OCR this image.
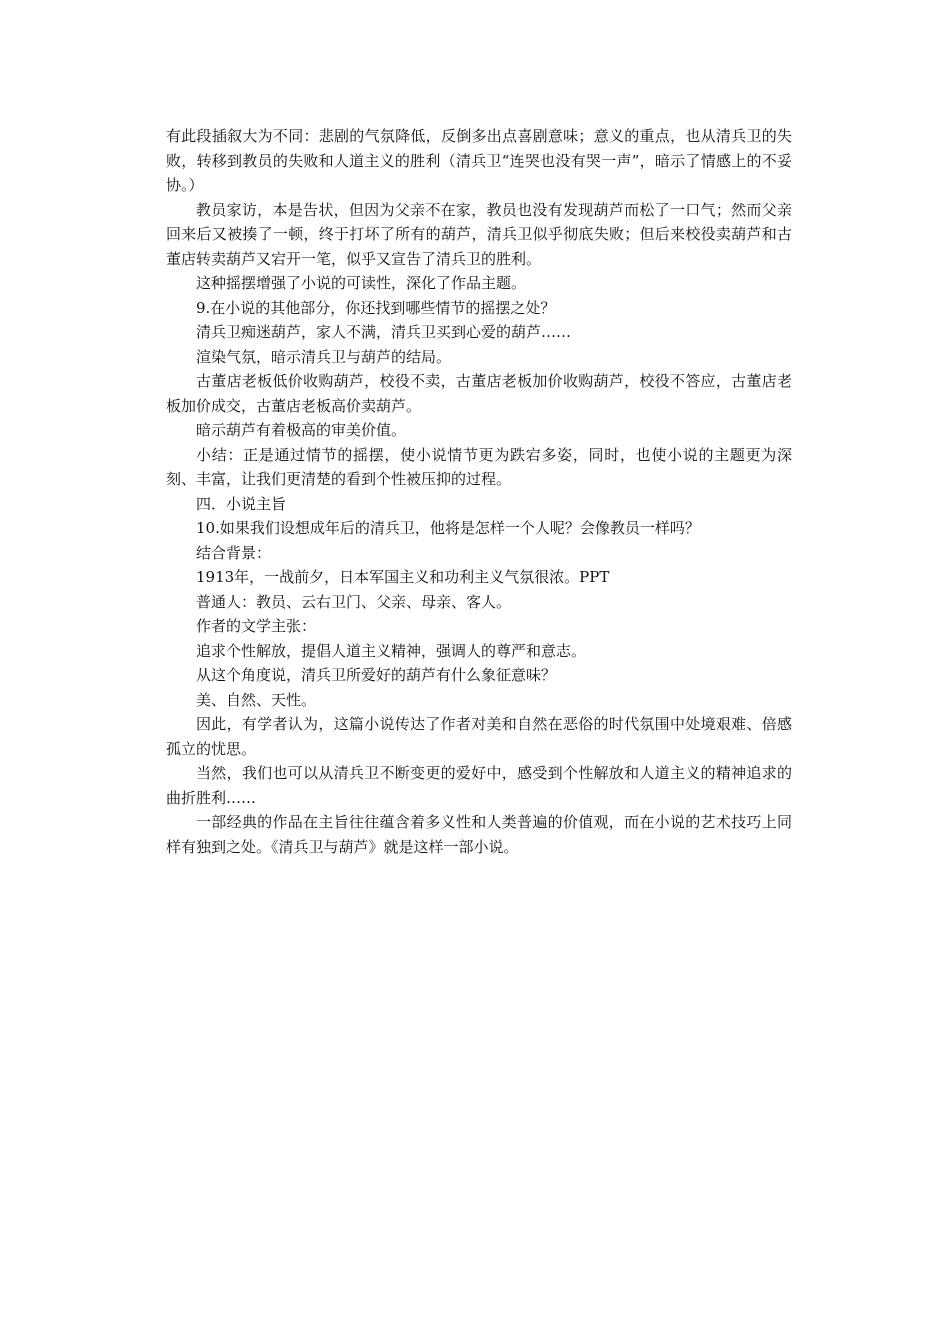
有此段插叙大为不同：悲剧的气氛降低，反倒多出点喜剧意味；意义的重点，也从清兵卫的失败，转移到教员的失败和人道主义的胜利（清兵卫“连哭也没有哭一声”，暗示了情感上的不妥协。）

教员家访，本是告状，但因为父亲不在家，教员也没有发现葫芦而松了一口气；然而父亲回来后又被揍了一顿，终于打坏了所有的葫芦，清兵卫似乎彻底失败；但后来校役卖葫芦和古董店转卖葫芦又宕开一笔，似乎又宣告了清兵卫的胜利。

这种摇摆增强了小说的可读性，深化了作品主题。

9.在小说的其他部分，你还找到哪些情节的摇摆之处？

清兵卫痴迷葫芦，家人不满，清兵卫买到心爱的葫芦……

渲染气氛，暗示清兵卫与葫芦的结局。

古董店老板低价收购葫芦，校役不卖，古董店老板加价收购葫芦，校役不答应，古董店老板加价成交，古董店老板高价卖葫芦。

暗示葫芦有着极高的审美价值。

小结：正是通过情节的摇摆，使小说情节更为跌宕多姿，同时，也使小说的主题更为深刻、丰富，让我们更清楚的看到个性被压抑的过程。

四．小说主旨

10.如果我们设想成年后的清兵卫，他将是怎样一个人呢？会像教员一样吗？

结合背景：

1913年，一战前夕，日本军国主义和功利主义气氛很浓。PPT

普通人：教员、云右卫门、父亲、母亲、客人。

作者的文学主张：

追求个性解放，提倡人道主义精神，强调人的尊严和意志。

从这个角度说，清兵卫所爱好的葫芦有什么象征意味？

美、自然、天性。

因此，有学者认为，这篇小说传达了作者对美和自然在恶俗的时代氛围中处境艰难、倍感孤立的忧思。

当然，我们也可以从清兵卫不断变更的爱好中，感受到个性解放和人道主义的精神追求的曲折胜利……

一部经典的作品在主旨往往蕴含着多义性和人类普遍的价值观，而在小说的艺术技巧上同样有独到之处。《清兵卫与葫芦》就是这样一部小说。
